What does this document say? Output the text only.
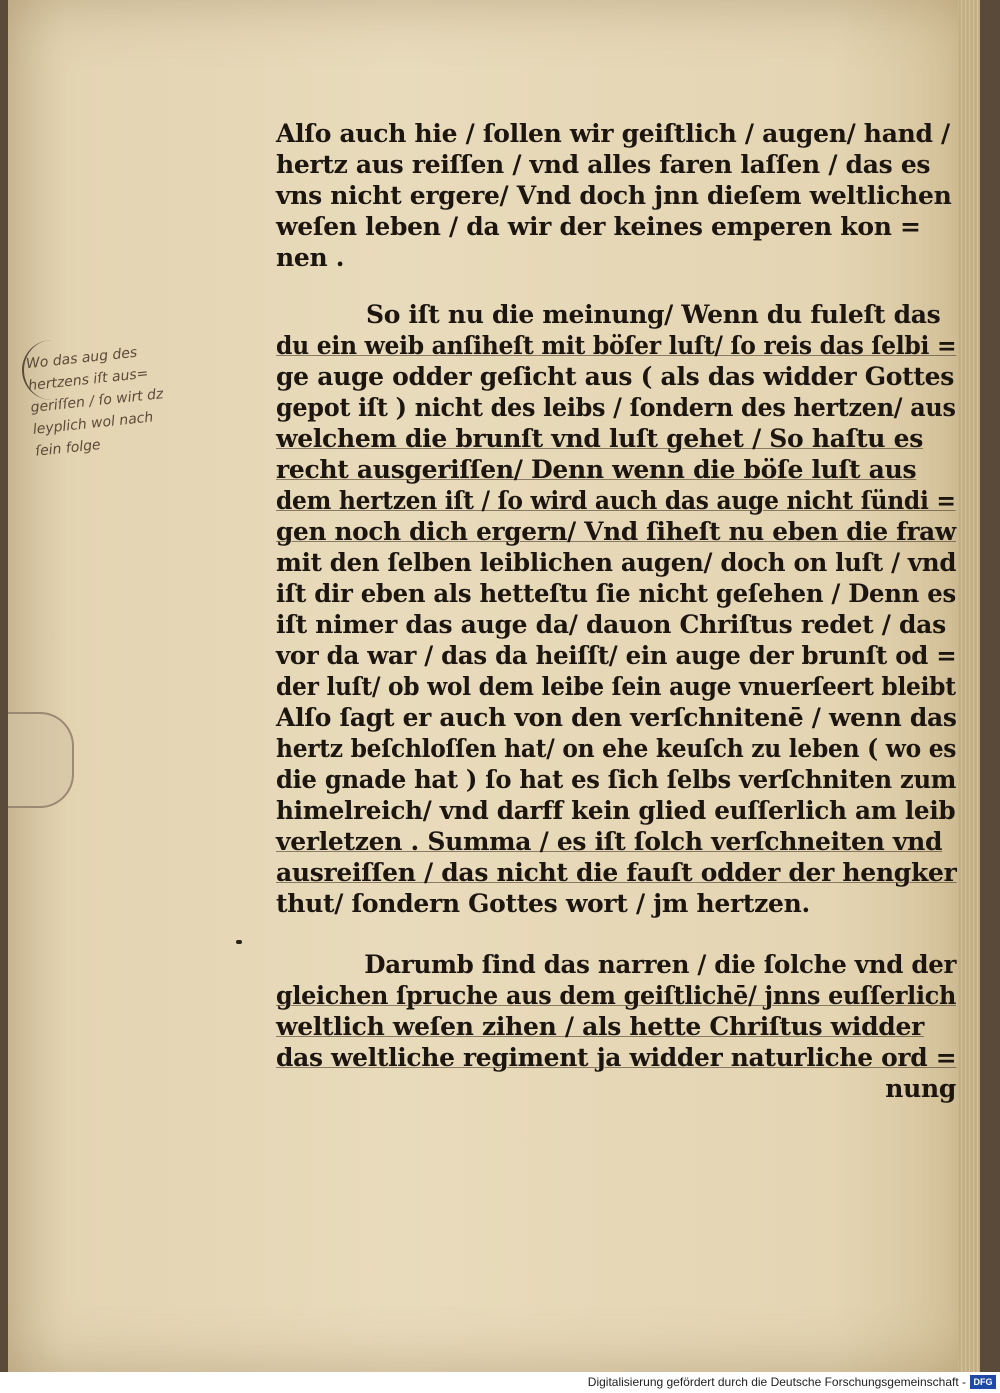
Wo das aug des
hertzens iſt aus=
geriſſen / ſo wirt dz
leyplich wol nach
ſein folge
Alſo auch hie / ſollen wir geiſtlich / augen/ hand /
hertz aus reiſſen / vnd alles faren laſſen / das es
vns nicht ergere/ Vnd doch jnn dieſem weltlichen
weſen leben / da wir der keines emperen kon =
nen .
So iſt nu die meinung/ Wenn du fuleſt das
du ein weib anſiheſt mit böſer luſt/ ſo reis das ſelbi =
ge auge odder geſicht aus ( als das widder Gottes
gepot iſt ) nicht des leibs / ſondern des hertzen/ aus
welchem die brunſt vnd luſt gehet / So haſtu es
recht ausgeriſſen/ Denn wenn die böſe luſt aus
dem hertzen iſt / ſo wird auch das auge nicht ſündi =
gen noch dich ergern/ Vnd ſiheſt nu eben die fraw
mit den ſelben leiblichen augen/ doch on luſt / vnd
iſt dir eben als hetteſtu ſie nicht geſehen / Denn es
iſt nimer das auge da/ dauon Chriſtus redet / das
vor da war / das da heiſſt/ ein auge der brunſt od =
der luſt/ ob wol dem leibe ſein auge vnuerſeert bleibt
Alſo ſagt er auch von den verſchnitenē / wenn das
hertz beſchloſſen hat/ on ehe keuſch zu leben ( wo es
die gnade hat ) ſo hat es ſich ſelbs verſchniten zum
himelreich/ vnd darff kein glied euſſerlich am leib
verletzen . Summa / es iſt ſolch verſchneiten vnd
ausreiſſen / das nicht die fauſt odder der hengker
thut/ ſondern Gottes wort / jm hertzen.
Darumb ſind das narren / die ſolche vnd der
gleichen ſpruche aus dem geiſtlichē/ jnns euſſerlich
weltlich weſen zihen / als hette Chriſtus widder
das weltliche regiment ja widder naturliche ord =
nung
Digitalisierung gefördert durch die Deutsche Forschungsgemeinschaft - DFG
